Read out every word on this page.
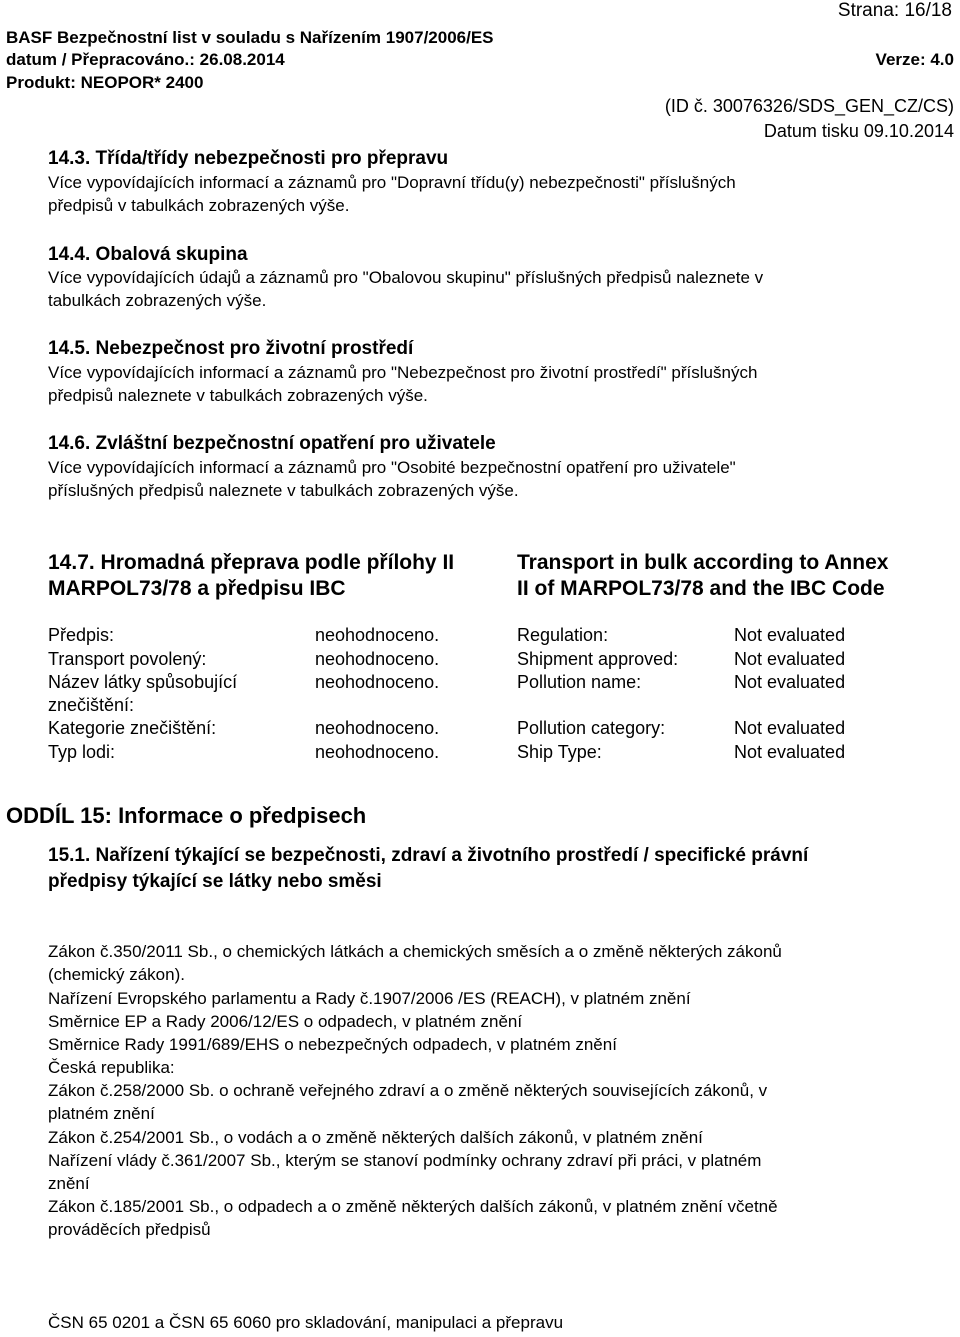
Strana: 16/18
BASF Bezpečnostní list v souladu s Nařízením 1907/2006/ES
datum / Přepracováno.: 26.08.2014	Verze: 4.0
Produkt: NEOPOR* 2400
(ID č. 30076326/SDS_GEN_CZ/CS)
Datum tisku 09.10.2014
14.3. Třída/třídy nebezpečnosti pro přepravu
Více vypovídajících informací a záznamů pro "Dopravní třídu(y) nebezpečnosti" příslušných
předpisů v tabulkách zobrazených výše.
14.4. Obalová skupina
Více vypovídajících údajů a záznamů pro "Obalovou skupinu" příslušných předpisů naleznete v
tabulkách zobrazených výše.
14.5. Nebezpečnost pro životní prostředí
Více vypovídajících informací a záznamů pro "Nebezpečnost pro životní prostředí" příslušných
předpisů naleznete v tabulkách zobrazených výše.
14.6. Zvláštní bezpečnostní opatření pro uživatele
Více vypovídajících informací a záznamů pro "Osobité bezpečnostní opatření pro uživatele"
příslušných předpisů naleznete v tabulkách zobrazených výše.
14.7. Hromadná přeprava podle přílohy II
MARPOL73/78 a předpisu IBC
Transport in bulk according to Annex
II of MARPOL73/78 and the IBC Code
Předpis:	neohodnoceno.	Regulation:	Not evaluated
Transport povolený:	neohodnoceno.	Shipment approved:	Not evaluated
Název látky spůsobující
znečištění:
neohodnoceno.	Pollution name:	Not evaluated
Kategorie znečištění:	neohodnoceno.	Pollution category:	Not evaluated
Typ lodi:	neohodnoceno.	Ship Type:	Not evaluated
ODDÍL 15: Informace o předpisech
15.1. Nařízení týkající se bezpečnosti, zdraví a životního prostředí / specifické právní
předpisy týkající se látky nebo směsi
Zákon č.350/2011 Sb., o chemických látkách a chemických směsích a o změně některých zákonů
(chemický zákon).
Nařízení Evropského parlamentu a Rady č.1907/2006 /ES (REACH), v platném znění
Směrnice EP a Rady 2006/12/ES o odpadech, v platném znění
Směrnice Rady 1991/689/EHS o nebezpečných odpadech, v platném znění
Česká republika:
Zákon č.258/2000 Sb. o ochraně veřejného zdraví a o změně některých souvisejících zákonů, v
platném znění
Zákon č.254/2001 Sb., o vodách a o změně některých dalších zákonů, v platném znění
Nařízení vlády č.361/2007 Sb., kterým se stanoví podmínky ochrany zdraví při práci, v platném
znění
Zákon č.185/2001 Sb., o odpadech a o změně některých dalších zákonů, v platném znění včetně
prováděcích předpisů
ČSN 65 0201 a ČSN 65 6060 pro skladování, manipulaci a přepravu
